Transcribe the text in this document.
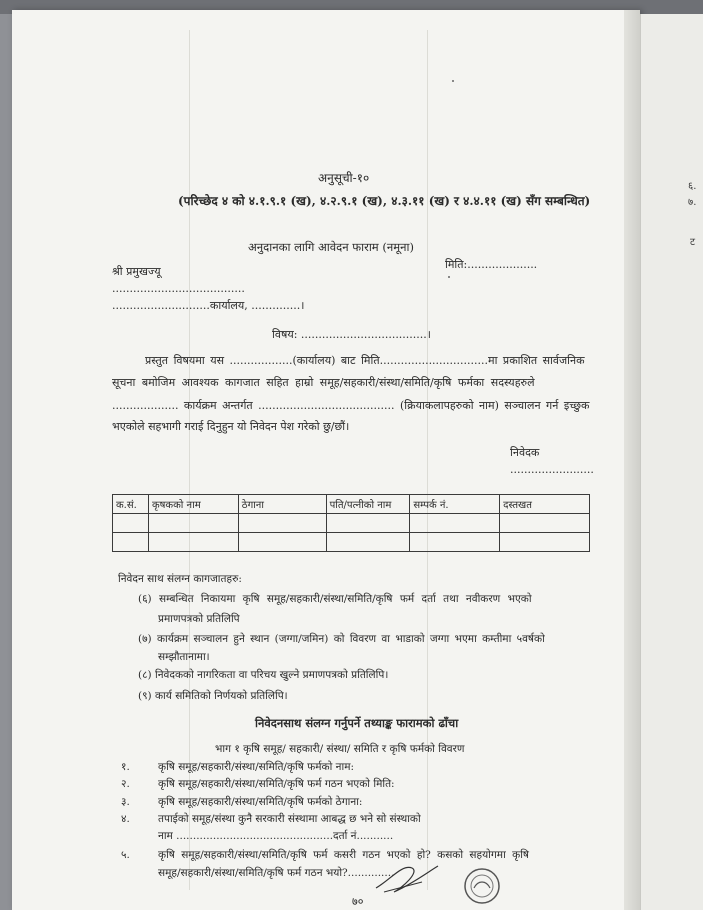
अनुसूची-१०
(परिच्छेद ४ को ४.१.९.१ (ख), ४.२.९.१ (ख), ४.३.११ (ख) र ४.४.११ (ख) सँग सम्बन्धित)
अनुदानका लागि आवेदन फाराम (नमूना)
मिति:....................
श्री प्रमुखज्यू
......................................
............................कार्यालय, ..............।
विषय: ....................................।
प्रस्तुत विषयमा यस ..................(कार्यालय) बाट मिति...............................मा प्रकाशित सार्वजनिक
सूचना बमोजिम आवश्यक कागजात सहित हाम्रो समूह/सहकारी/संस्था/समिति/कृषि फर्मका सदस्यहरुले
................... कार्यक्रम अन्तर्गत ....................................... (क्रियाकलापहरुको नाम) सञ्चालन गर्न इच्छुक
भएकोले सहभागी गराई दिनुहुन यो निवेदन पेश गरेको छु/छौं।
निवेदक
........................
क.सं.	कृषकको नाम	ठेगाना	पति/पत्नीको नाम	सम्पर्क नं.	दस्तखत

निवेदन साथ संलग्न कागजातहरु:
(६) सम्बन्धित निकायमा कृषि समूह/सहकारी/संस्था/समिति/कृषि फर्म दर्ता तथा नवीकरण भएको
प्रमाणपत्रको प्रतिलिपि
(७) कार्यक्रम सञ्चालन हुने स्थान (जग्गा/जमिन) को विवरण वा भाडाको जग्गा भएमा कम्तीमा ५वर्षको
सम्झौतानामा।
(८) निवेदकको नागरिकता वा परिचय खुल्ने प्रमाणपत्रको प्रतिलिपि।
(९) कार्य समितिको निर्णयको प्रतिलिपि।
निवेदनसाथ संलग्न गर्नुपर्ने तथ्याङ्क फारामको ढाँचा
भाग १ कृषि समूह/ सहकारी/ संस्था/ समिति र कृषि फर्मको विवरण
१.	कृषि समूह/सहकारी/संस्था/समिति/कृषि फर्मको नाम:
२.	कृषि समूह/सहकारी/संस्था/समिति/कृषि फर्म गठन भएको मिति:
३.	कृषि समूह/सहकारी/संस्था/समिति/कृषि फर्मको ठेगाना:
४.	तपाईको समूह/संस्था कुनै सरकारी संस्थामा आबद्ध छ भने सो संस्थाको
नाम ...............................................दर्ता नं...........
५.	कृषि समूह/सहकारी/संस्था/समिति/कृषि फर्म कसरी गठन भएको हो? कसको सहयोगमा कृषि
समूह/सहकारी/संस्था/समिति/कृषि फर्म गठन भयो?..............
७०
६.
७.
ट
